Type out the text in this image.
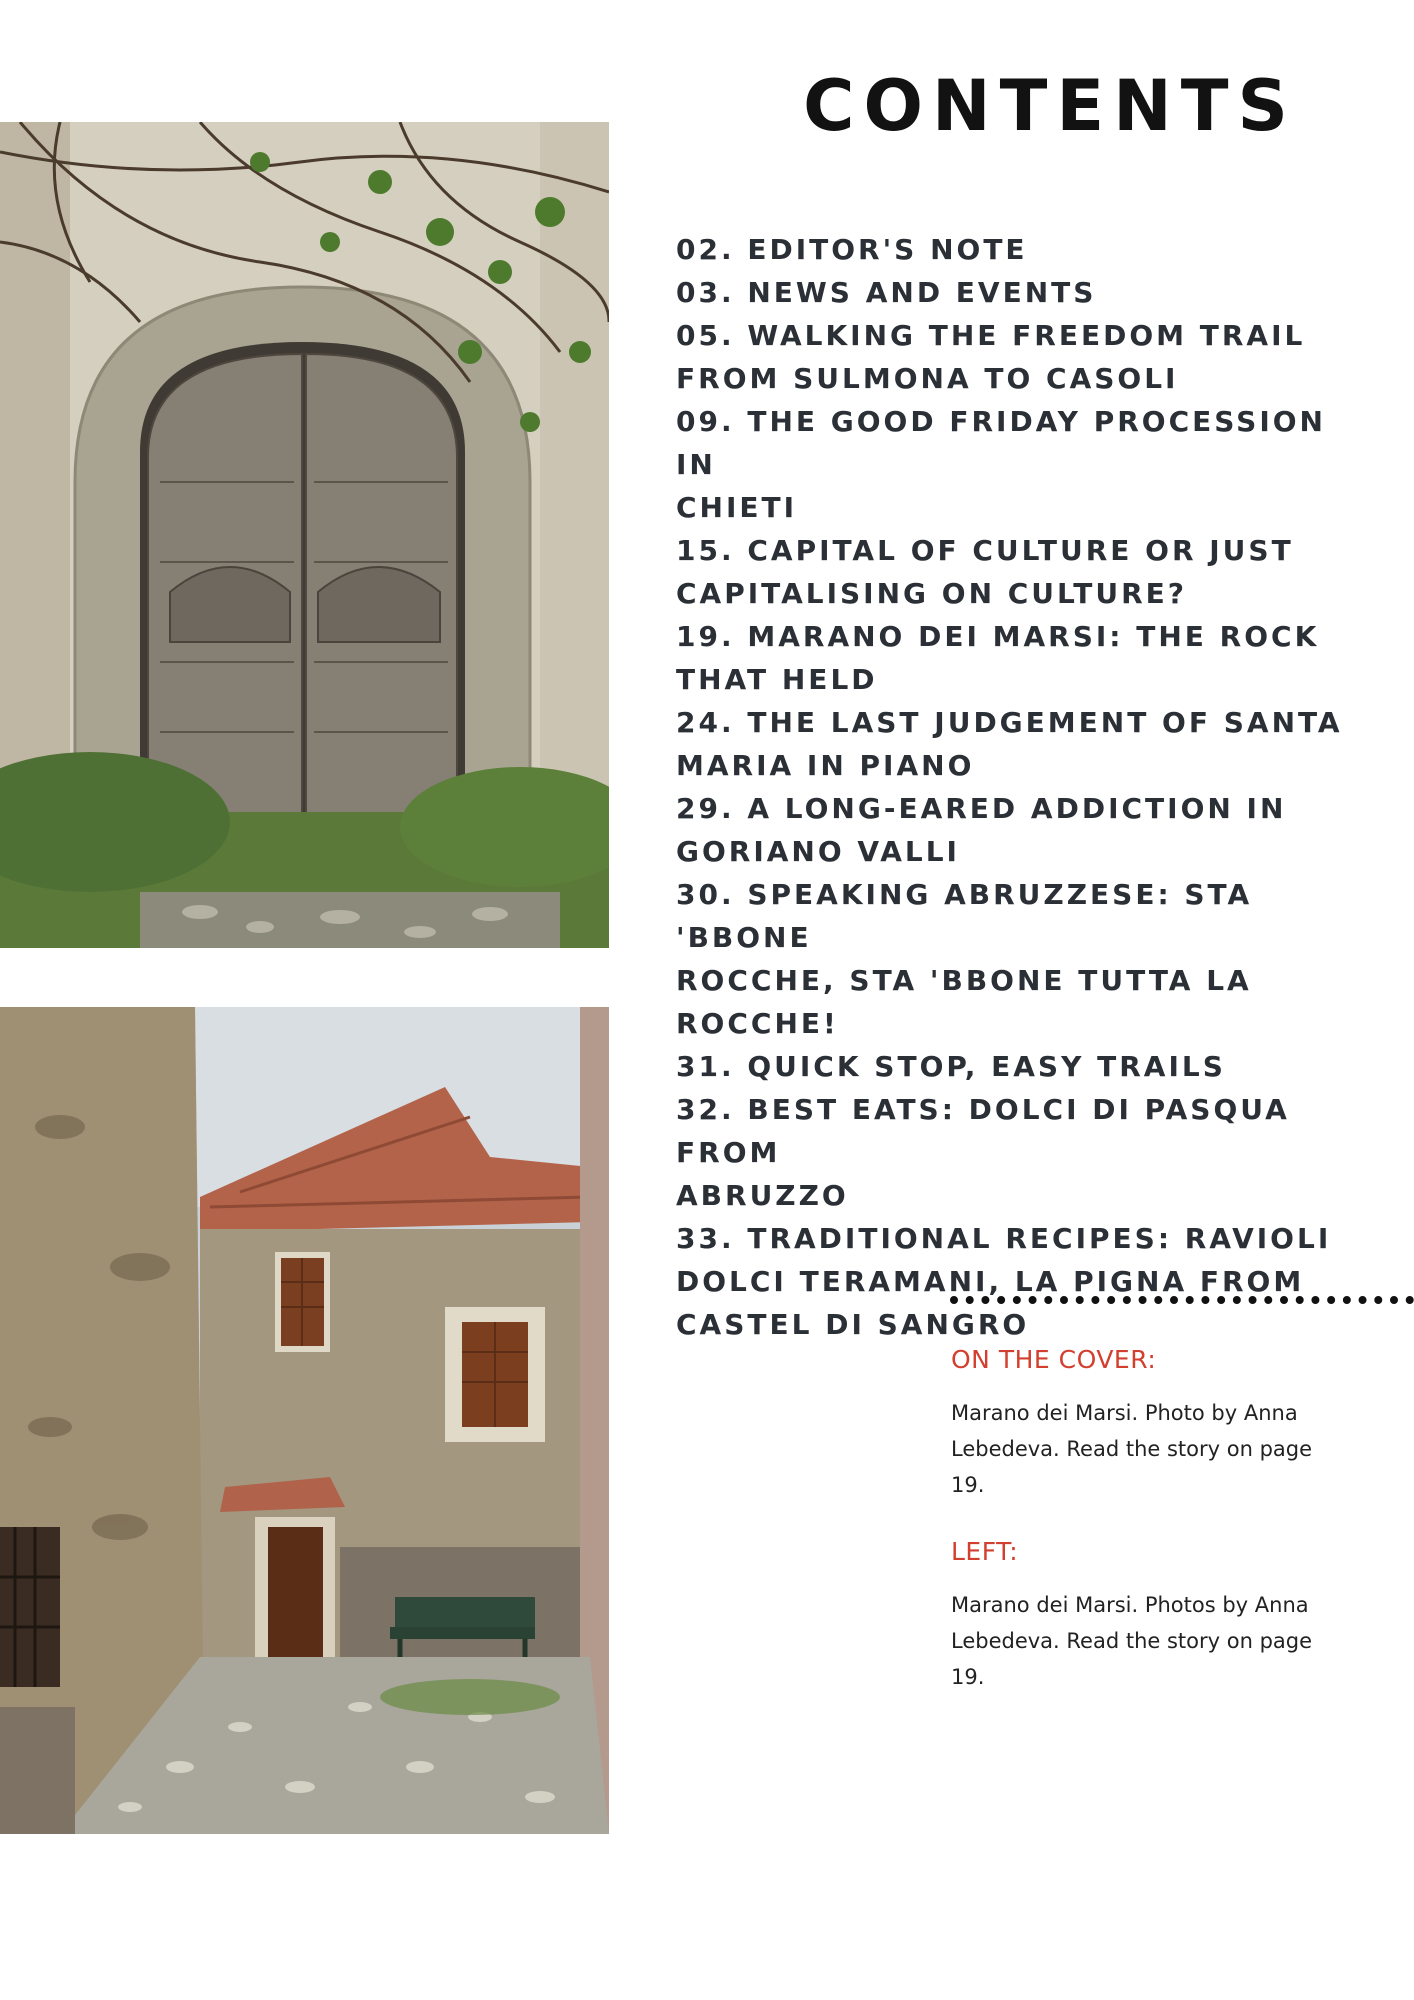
CONTENTS
02. EDITOR'S NOTE
03. NEWS AND EVENTS
05. WALKING THE FREEDOM TRAIL
FROM SULMONA TO CASOLI
09. THE GOOD FRIDAY PROCESSION IN
CHIETI
15. CAPITAL OF CULTURE OR JUST
CAPITALISING ON CULTURE?
19. MARANO DEI MARSI: THE ROCK
THAT HELD
24. THE LAST JUDGEMENT OF SANTA
MARIA IN PIANO
29. A LONG-EARED ADDICTION IN
GORIANO VALLI
30. SPEAKING ABRUZZESE: STA 'BBONE
ROCCHE, STA 'BBONE TUTTA LA
ROCCHE!
31. QUICK STOP, EASY TRAILS
32. BEST EATS: DOLCI DI PASQUA FROM
ABRUZZO
33. TRADITIONAL RECIPES: RAVIOLI
DOLCI TERAMANI, LA PIGNA FROM
CASTEL DI SANGRO

ON THE COVER:

Marano dei Marsi. Photo by Anna Lebedeva. Read the story on page 19.

LEFT:

Marano dei Marsi. Photos by Anna Lebedeva. Read the story on page 19.
